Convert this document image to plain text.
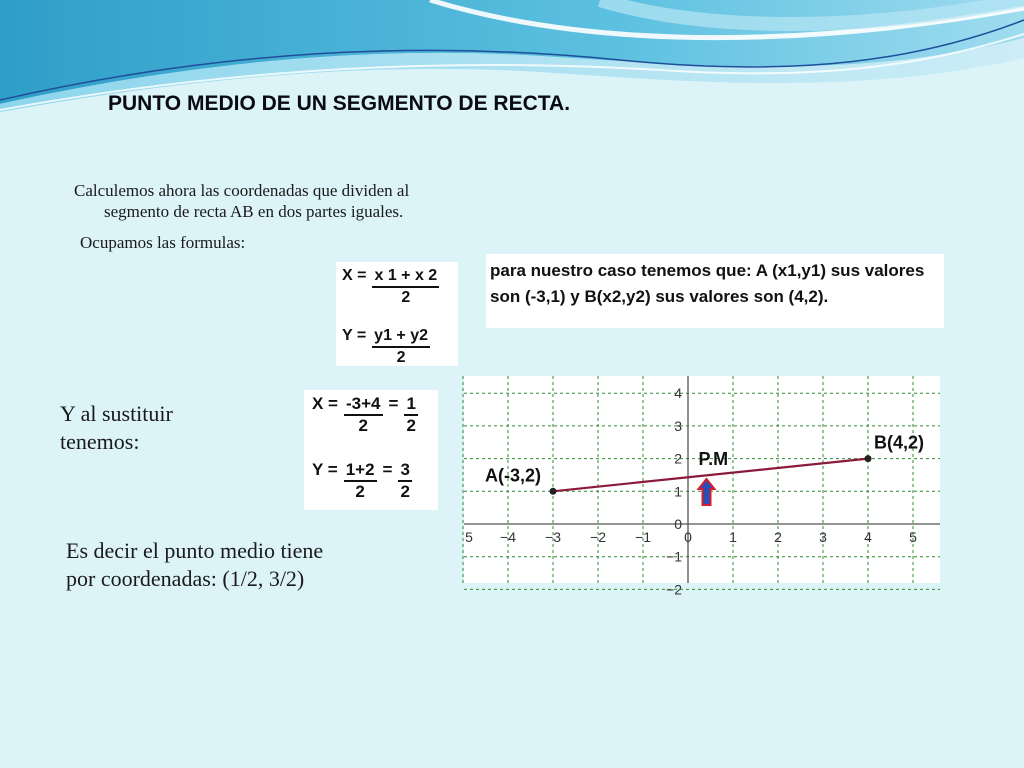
PUNTO MEDIO DE UN SEGMENTO DE RECTA.
Calculemos ahora las coordenadas que dividen al
segmento de recta AB en dos partes iguales.
Ocupamos las formulas:
$X = \frac{x 1 + x 2}{2}$
$Y = \frac{y1 + y2}{2}$
para nuestro caso tenemos que: A (x1,y1) sus valores
son (-3,1) y B(x2,y2) sus valores son (4,2).
Y al sustituir
tenemos:
$X = \frac{-3+4}{2} = \frac{1}{2}$
$Y = \frac{1+2}{2} = \frac{3}{2}$
Es decir el punto medio tiene
por coordenadas: (1/2, 3/2)
5 −4 −3 −2 −1 0	1	2	3	4	5
4
3
2
1
0
−1
−2
A(-3,2)
B(4,2)
P.M
